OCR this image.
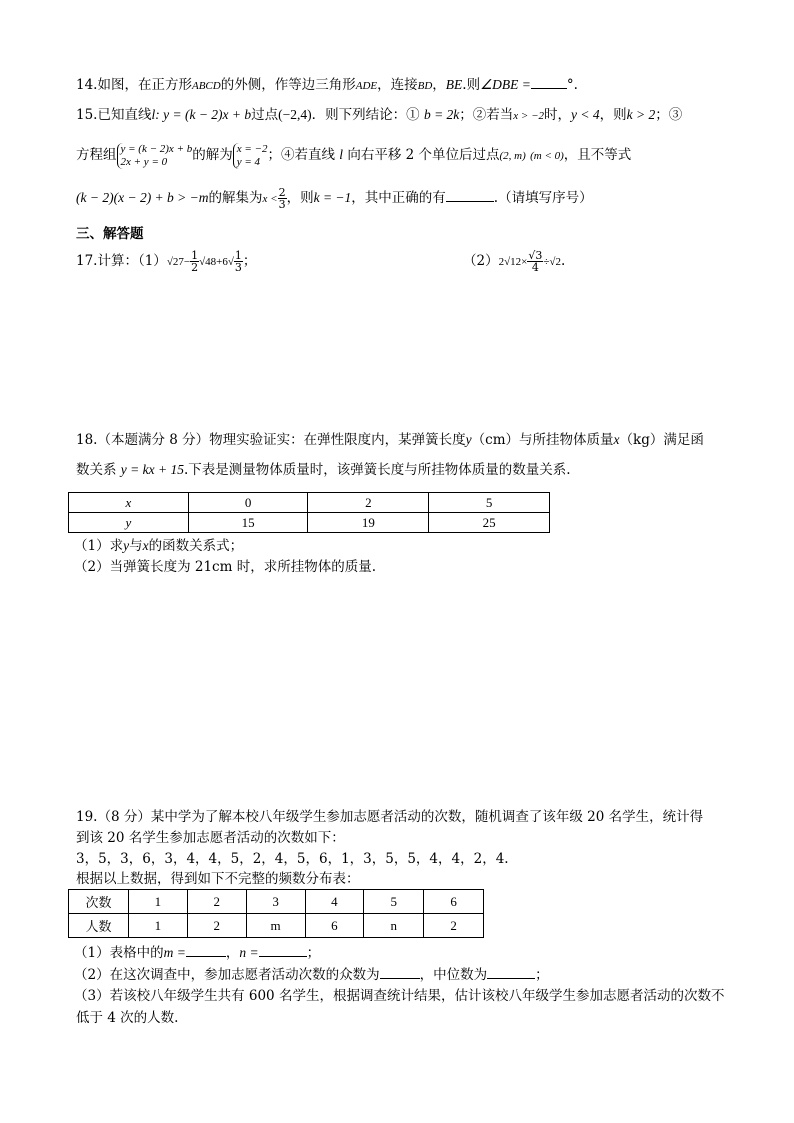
14.如图，在正方形ABCD的外侧，作等边三角形ADE，连接BD，BE.则∠DBE =	°.
15.已知直线l: y = (k − 2)x + b过点(−2,4)．则下列结论：① b = 2k；②若当x > −2时，y < 4，则k > 2；③
方程组 y = (k − 2)x + b
2x + y = 0	的解为 x = −2
y = 4 ；④若直线 l 向右平移 2 个单位后过点(2, m) (m < 0)，且不等式
(k − 2)(x − 2) + b > −m的解集为$x < \frac{2}{3}$ ，则k = −1，其中正确的有	.（请填写序号）
三、解答题
17.计算：$(1)√27- \frac{1}{2} √48+6√ \frac{1}{3}$ ；	$(2)2√12\times \frac{√3}{4} \div√2$.
18.（本题满分 8 分）物理实验证实：在弹性限度内，某弹簧长度y（cm）与所挂物体质量x（kg）满足函
数关系 y = kx + 15.下表是测量物体质量时，该弹簧长度与所挂物体质量的数量关系.
x	0	2	5
y	15	19	25
（1）求y与x的函数关系式；
（2）当弹簧长度为 21cm 时，求所挂物体的质量.
19.（8 分）某中学为了解本校八年级学生参加志愿者活动的次数，随机调查了该年级 20 名学生，统计得
到该 20 名学生参加志愿者活动的次数如下：
3，5，3，6，3，4，4，5，2，4，5，6，1，3，5，5，4，4，2，4.
根据以上数据，得到如下不完整的频数分布表：
次数	1	2	3	4	5	6
人数	1	2	m	6	n	2
（1）表格中的m =	，n =	；
（2）在这次调查中，参加志愿者活动次数的众数为	，中位数为	；
（3）若该校八年级学生共有 600 名学生，根据调查统计结果，估计该校八年级学生参加志愿者活动的次数不
低于 4 次的人数.
